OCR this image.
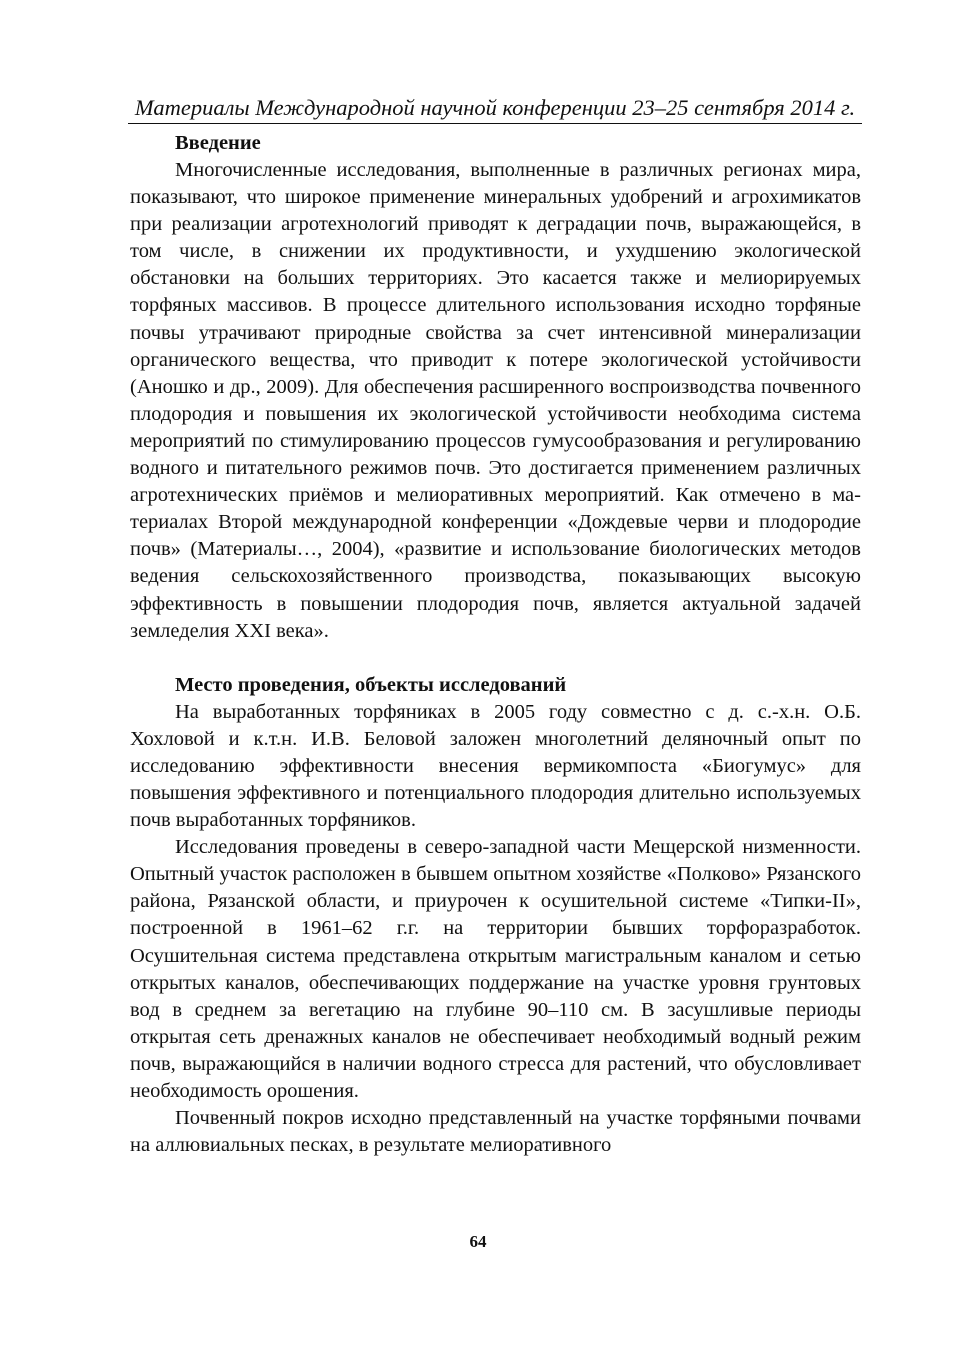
Материалы Международной научной конференции 23–25 сентября 2014 г.
Введение

Многочисленные исследования, выполненные в различных регионах мира, показывают, что широкое применение минеральных удобрений и агрохимикатов при реализации агротехнологий приводят к деградации почв, выражающейся, в том числе, в снижении их продуктивности, и ухудшению экологической обстановки на больших территориях. Это касается также и мелиорируемых торфяных массивов. В процессе длительного использования исходно торфяные почвы утрачивают природные свойства за счет интенсивной минерализации органического вещества, что приводит к потере экологической устойчивости (Аношко и др., 2009). Для обеспечения расширенного воспроизводства почвенного плодородия и повышения их экологической устойчивости необходима система мероприятий по стимулированию процессов гумусообразования и регулированию водного и питательного режимов почв. Это достигается применением различных агротехнических приёмов и мелиоративных мероприятий. Как отмечено в материалах Второй международной конференции «Дождевые черви и плодородие почв» (Материалы…, 2004), «развитие и использование биологических методов ведения сельскохозяйственного производства, показывающих высокую эффективность в повышении плодородия почв, является актуальной задачей земледелия XXI века».

Место проведения, объекты исследований

На выработанных торфяниках в 2005 году совместно с д. с.-х.н. О.Б. Хохловой и к.т.н. И.В. Беловой заложен многолетний деляночный опыт по исследованию эффективности внесения вермикомпоста «Биогумус» для повышения эффективного и потенциального плодородия длительно используемых почв выработанных торфяников.

Исследования проведены в северо-западной части Мещерской низменности. Опытный участок расположен в бывшем опытном хозяйстве «Полково» Рязанского района, Рязанской области, и приурочен к осушительной системе «Типки-II», построенной в 1961–62 г.г. на территории бывших торфоразработок. Осушительная система представлена открытым магистральным каналом и сетью открытых каналов, обеспечивающих поддержание на участке уровня грунтовых вод в среднем за вегетацию на глубине 90–110 см. В засушливые периоды открытая сеть дренажных каналов не обеспечивает необходимый водный режим почв, выражающийся в наличии водного стресса для растений, что обусловливает необходимость орошения.

Почвенный покров исходно представленный на участке торфяными почвами на аллювиальных песках, в результате мелиоративного

64
